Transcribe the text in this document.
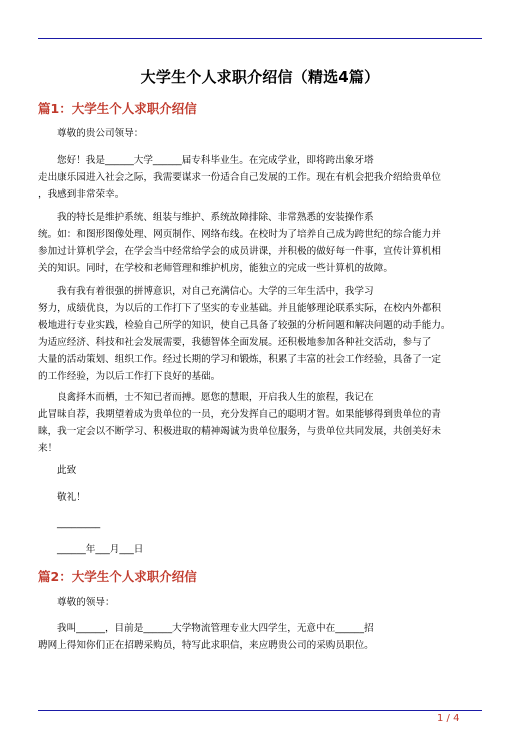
大学生个人求职介绍信（精选4篇）
篇1：大学生个人求职介绍信

尊敬的贵公司领导：

您好！我是______大学______届专科毕业生。在完成学业，即将跨出象牙塔
走出康乐园进入社会之际，我需要谋求一份适合自己发展的工作。现在有机会把我介绍给贵单位
，我感到非常荣幸。

我的特长是维护系统、组装与维护、系统故障排除、非常熟悉的安装操作系
统。如：和图形图像处理、网页制作、网络布线。在校时为了培养自己成为跨世纪的综合能力并
参加过计算机学会，在学会当中经常给学会的成员讲课，并积极的做好每一件事，宣传计算机相
关的知识。同时，在学校和老师管理和维护机房，能独立的完成一些计算机的故障。

我有我有着很强的拼博意识，对自己充满信心。大学的三年生活中，我学习
努力，成绩优良，为以后的工作打下了坚实的专业基础。并且能够理论联系实际，在校内外都积
极地进行专业实践，检验自己所学的知识，使自己具备了较强的分析问题和解决问题的动手能力。
为适应经济、科技和社会发展需要，我德智体全面发展。还积极地参加各种社交活动，参与了
大量的活动策划、组织工作。经过长期的学习和锻炼，积累了丰富的社会工作经验，具备了一定
的工作经验，为以后工作打下良好的基础。

良禽择木而栖，士不知已者而搏。愿您的慧眼，开启我人生的旅程，我记在
此冒昧自荐，我期望着成为贵单位的一员，充分发挥自己的聪明才智。如果能够得到贵单位的青
睐，我一定会以不断学习、积极进取的精神竭诚为贵单位服务，与贵单位共同发展，共创美好未
来！

此致

敬礼！

_________

______年___月___日

篇2：大学生个人求职介绍信

尊敬的领导：

我叫______，目前是______大学物流管理专业大四学生，无意中在______招
聘网上得知你们正在招聘采购员，特写此求职信，来应聘贵公司的采购员职位。

1 / 4
